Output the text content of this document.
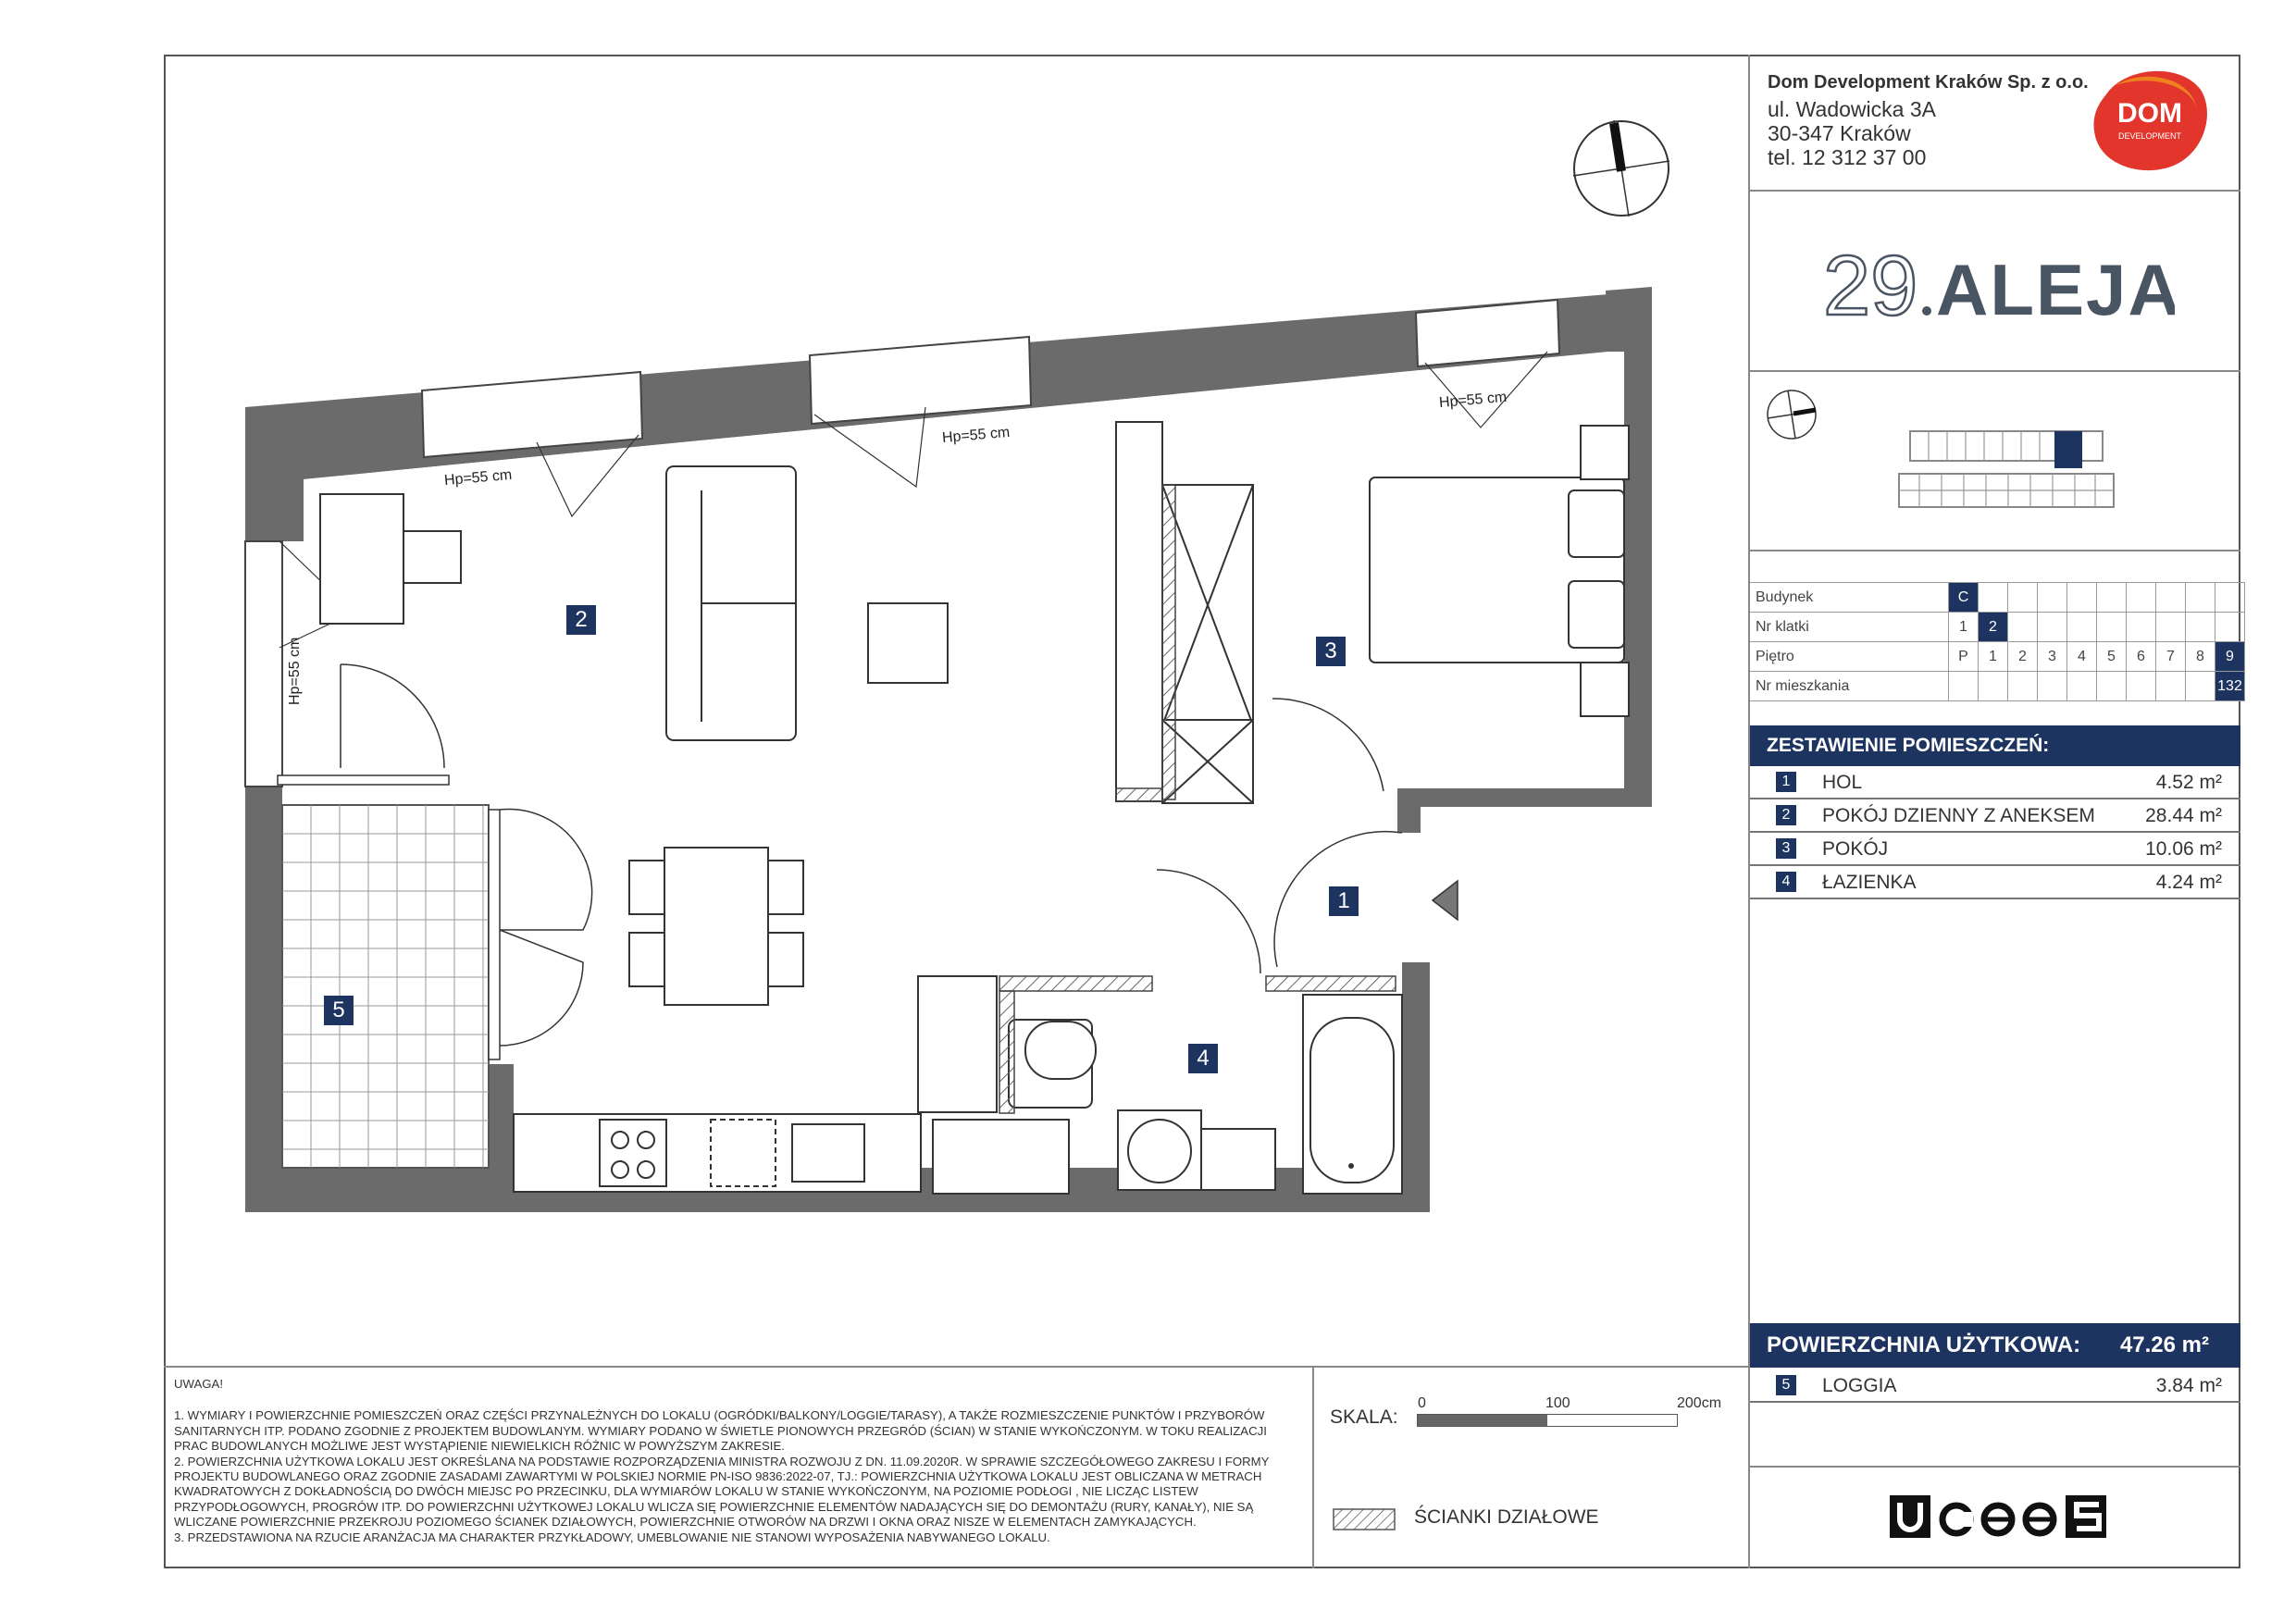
Dom Development Kraków Sp. z o.o.
ul. Wadowicka 3A
30-347 Kraków
tel. 12 312 37 00
DOM
DEVELOPMENT
29 ALEJA
Budynek	C									
Nr klatki	1	2								
Piętro	P	1	2	3	4	5	6	7	8	9
Nr mieszkania										132
ZESTAWIENIE POMIESZCZEŃ:
1	HOL	4.52 m²
2	POKÓJ DZIENNY Z ANEKSEM	28.44 m²
3	POKÓJ	10.06 m²
4	ŁAZIENKA	4.24 m²
POWIERZCHNIA UŻYTKOWA: 47.26 m²
5	LOGGIA	3.84 m²

UWAGA!

1. WYMIARY I POWIERZCHNIE POMIESZCZEŃ ORAZ CZĘŚCI PRZYNALEŻNYCH DO LOKALU (OGRÓDKI/BALKONY/LOGGIE/TARASY), A TAKŻE ROZMIESZCZENIE PUNKTÓW I PRZYBORÓW SANITARNYCH ITP. PODANO ZGODNIE Z PROJEKTEM BUDOWLANYM. WYMIARY PODANO W ŚWIETLE PIONOWYCH PRZEGRÓD (ŚCIAN) W STANIE WYKOŃCZONYM. W TOKU REALIZACJI PRAC BUDOWLANYCH MOŻLIWE JEST WYSTĄPIENIE NIEWIELKICH RÓŻNIC W POWYŻSZYM ZAKRESIE.

2. POWIERZCHNIA UŻYTKOWA LOKALU JEST OKREŚLANA NA PODSTAWIE ROZPORZĄDZENIA MINISTRA ROZWOJU Z DN. 11.09.2020R. W SPRAWIE SZCZEGÓŁOWEGO ZAKRESU I FORMY PROJEKTU BUDOWLANEGO ORAZ ZGODNIE ZASADAMI ZAWARTYMI W POLSKIEJ NORMIE PN-ISO 9836:2022-07, TJ.: POWIERZCHNIA UŻYTKOWA LOKALU JEST OBLICZANA W METRACH KWADRATOWYCH Z DOKŁADNOŚCIĄ DO DWÓCH MIEJSC PO PRZECINKU, DLA WYMIARÓW LOKALU W STANIE WYKOŃCZONYM, NA POZIOMIE PODŁOGI , NIE LICZĄC LISTEW PRZYPODŁOGOWYCH, PROGRÓW ITP. DO POWIERZCHNI UŻYTKOWEJ LOKALU WLICZA SIĘ POWIERZCHNIE ELEMENTÓW NADAJĄCYCH SIĘ DO DEMONTAŻU (RURY, KANAŁY), NIE SĄ WLICZANE POWIERZCHNIE PRZEKROJU POZIOMEGO ŚCIANEK DZIAŁOWYCH, POWIERZCHNIE OTWORÓW NA DRZWI I OKNA ORAZ NISZE W ELEMENTACH ZAMYKAJĄCYCH.

3. PRZEDSTAWIONA NA RZUCIE ARANŻACJA MA CHARAKTER PRZYKŁADOWY, UMEBLOWANIE NIE STANOWI WYPOSAŻENIA NABYWANEGO LOKALU.

SKALA:
0	100	200cm
ŚCIANKI DZIAŁOWE
2
3
1
4
5
Hp=55 cm
Hp=55 cm
Hp=55 cm
Hp=55 cm
